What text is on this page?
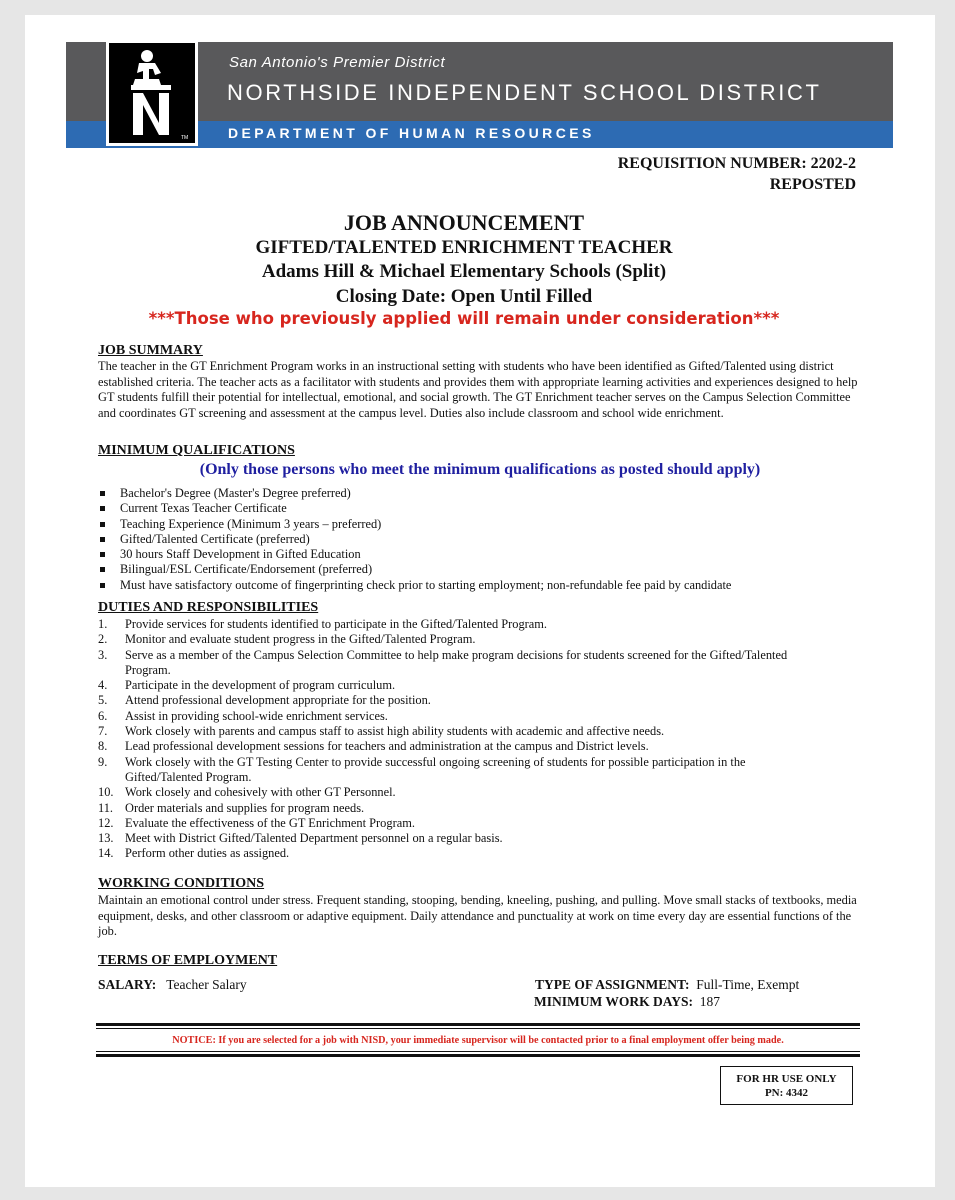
TM
San Antonio's Premier District
NORTHSIDE INDEPENDENT SCHOOL DISTRICT
DEPARTMENT OF HUMAN RESOURCES
REQUISITION NUMBER: 2202-2
REPOSTED
JOB ANNOUNCEMENT
GIFTED/TALENTED ENRICHMENT TEACHER
Adams Hill & Michael Elementary Schools (Split)
Closing Date: Open Until Filled
***Those who previously applied will remain under consideration***
JOB SUMMARY

The teacher in the GT Enrichment Program works in an instructional setting with students who have been identified as Gifted/Talented using district established criteria. The teacher acts as a facilitator with students and provides them with appropriate learning activities and experiences designed to help GT students fulfill their potential for intellectual, emotional, and social growth. The GT Enrichment teacher serves on the Campus Selection Committee and coordinates GT screening and assessment at the campus level. Duties also include classroom and school wide enrichment.

MINIMUM QUALIFICATIONS
(Only those persons who meet the minimum qualifications as posted should apply)
Bachelor's Degree (Master's Degree preferred)
Current Texas Teacher Certificate
Teaching Experience (Minimum 3 years – preferred)
Gifted/Talented Certificate (preferred)
30 hours Staff Development in Gifted Education
Bilingual/ESL Certificate/Endorsement (preferred)
Must have satisfactory outcome of fingerprinting check prior to starting employment; non-refundable fee paid by candidate
DUTIES AND RESPONSIBILITIES
1. Provide services for students identified to participate in the Gifted/Talented Program.
2. Monitor and evaluate student progress in the Gifted/Talented Program.
3. Serve as a member of the Campus Selection Committee to help make program decisions for students screened for the Gifted/Talented Program.
4. Participate in the development of program curriculum.
5. Attend professional development appropriate for the position.
6. Assist in providing school-wide enrichment services.
7. Work closely with parents and campus staff to assist high ability students with academic and affective needs.
8. Lead professional development sessions for teachers and administration at the campus and District levels.
9. Work closely with the GT Testing Center to provide successful ongoing screening of students for possible participation in the Gifted/Talented Program.
10. Work closely and cohesively with other GT Personnel.
11. Order materials and supplies for program needs.
12. Evaluate the effectiveness of the GT Enrichment Program.
13. Meet with District Gifted/Talented Department personnel on a regular basis.
14. Perform other duties as assigned.
WORKING CONDITIONS

Maintain an emotional control under stress. Frequent standing, stooping, bending, kneeling, pushing, and pulling. Move small stacks of textbooks, media equipment, desks, and other classroom or adaptive equipment. Daily attendance and punctuality at work on time every day are essential functions of the job.

TERMS OF EMPLOYMENT
SALARY: Teacher Salary	TYPE OF ASSIGNMENT: Full-Time, Exempt
MINIMUM WORK DAYS: 187
NOTICE: If you are selected for a job with NISD, your immediate supervisor will be contacted prior to a final employment offer being made.
FOR HR USE ONLY
PN: 4342
